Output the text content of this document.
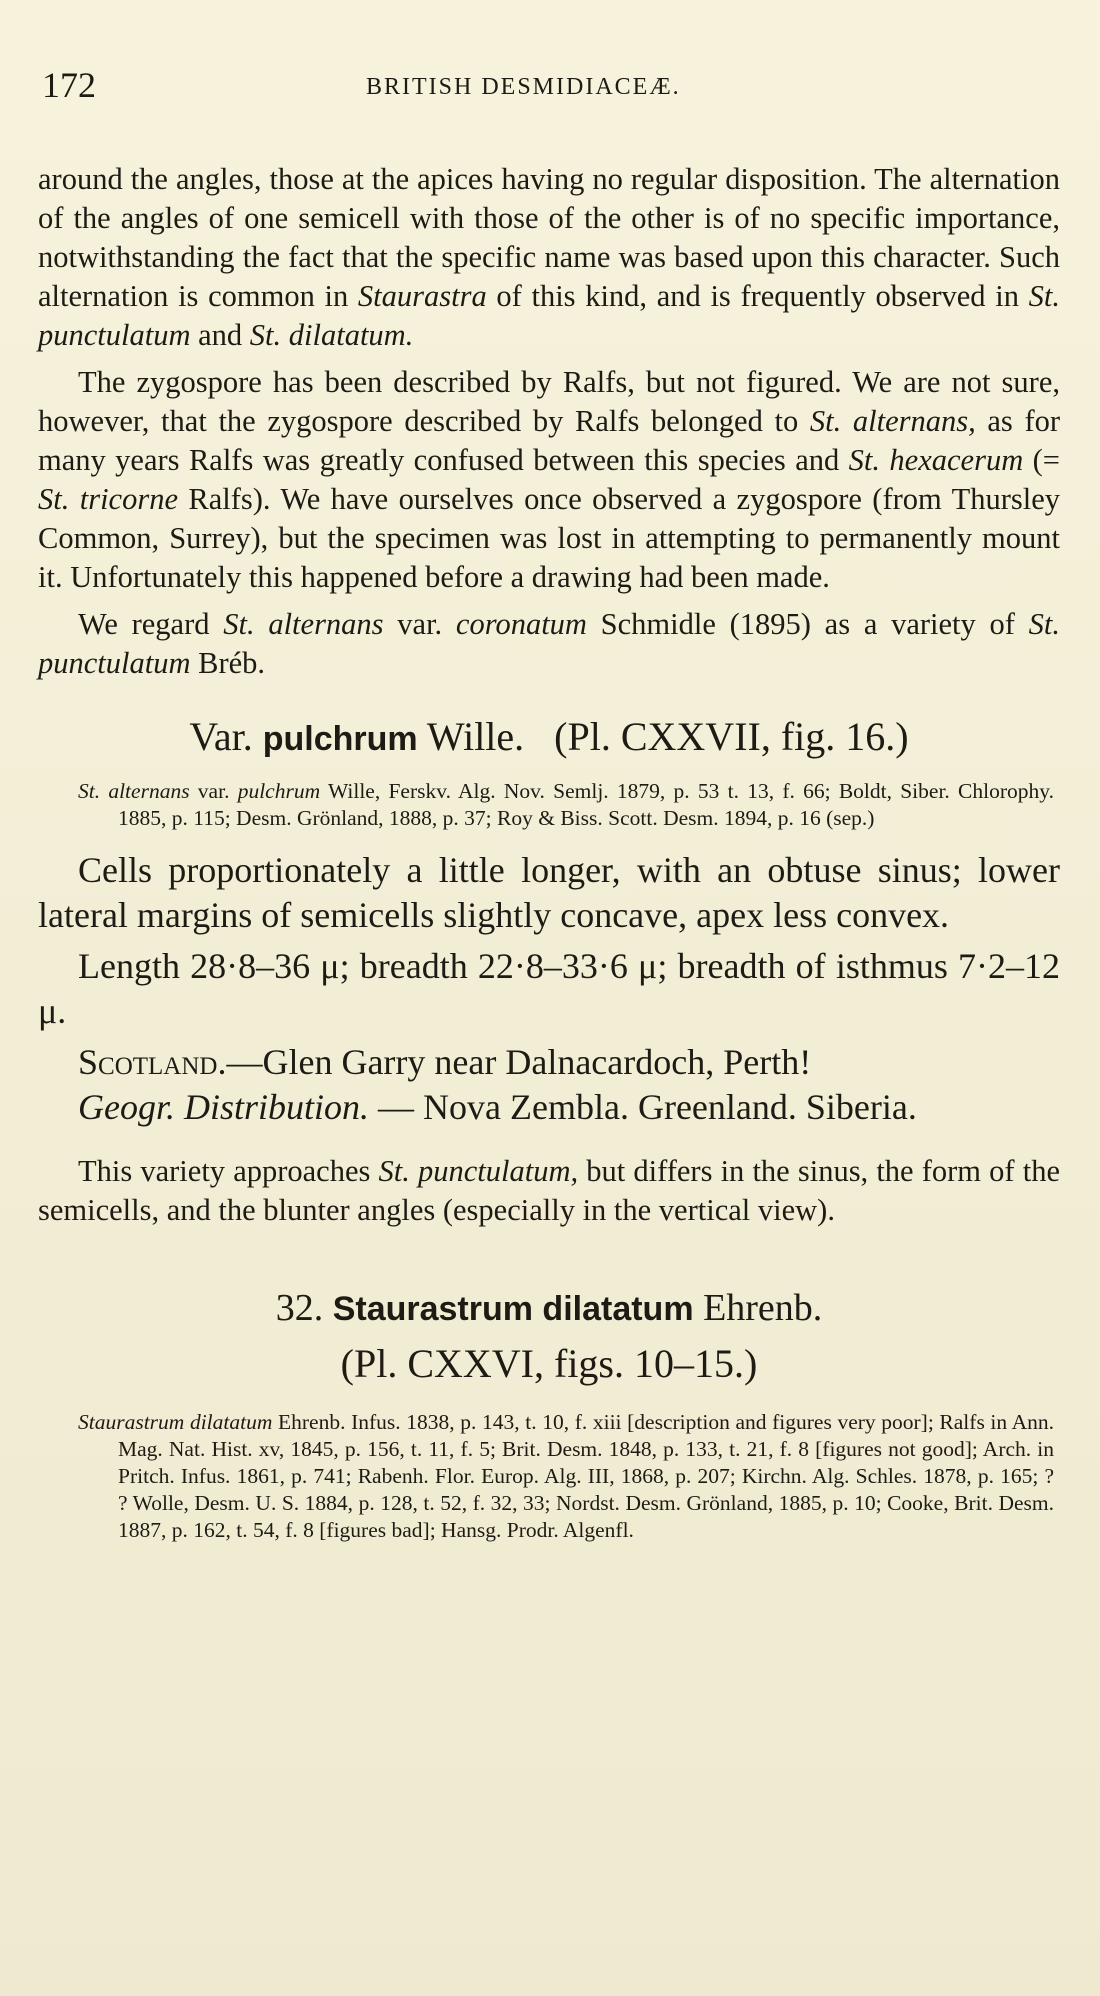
172	BRITISH DESMIDIACEÆ.

around the angles, those at the apices having no regular disposition. The alternation of the angles of one semicell with those of the other is of no specific importance, notwithstanding the fact that the specific name was based upon this character. Such alternation is common in Staurastra of this kind, and is frequently observed in St. punctulatum and St. dilatatum.

The zygospore has been described by Ralfs, but not figured. We are not sure, however, that the zygospore described by Ralfs belonged to St. alternans, as for many years Ralfs was greatly confused between this species and St. hexacerum (= St. tricorne Ralfs). We have ourselves once observed a zygospore (from Thursley Common, Surrey), but the specimen was lost in attempting to permanently mount it. Unfortunately this happened before a drawing had been made.

We regard St. alternans var. coronatum Schmidle (1895) as a variety of St. punctulatum Bréb.

Var. pulchrum Wille. (Pl. CXXVII, fig. 16.)

St. alternans var. pulchrum Wille, Ferskv. Alg. Nov. Semlj. 1879, p. 53 t. 13, f. 66; Boldt, Siber. Chlorophy. 1885, p. 115; Desm. Grönland, 1888, p. 37; Roy & Biss. Scott. Desm. 1894, p. 16 (sep.)

Cells proportionately a little longer, with an obtuse sinus; lower lateral margins of semicells slightly concave, apex less convex.

Length 28·8–36 μ; breadth 22·8–33·6 μ; breadth of isthmus 7·2–12 μ.

Scotland.—Glen Garry near Dalnacardoch, Perth!

Geogr. Distribution. — Nova Zembla. Greenland. Siberia.

This variety approaches St. punctulatum, but differs in the sinus, the form of the semicells, and the blunter angles (especially in the vertical view).

32. Staurastrum dilatatum Ehrenb.
(Pl. CXXVI, figs. 10–15.)

Staurastrum dilatatum Ehrenb. Infus. 1838, p. 143, t. 10, f. xiii [description and figures very poor]; Ralfs in Ann. Mag. Nat. Hist. xv, 1845, p. 156, t. 11, f. 5; Brit. Desm. 1848, p. 133, t. 21, f. 8 [figures not good]; Arch. in Pritch. Infus. 1861, p. 741; Rabenh. Flor. Europ. Alg. III, 1868, p. 207; Kirchn. Alg. Schles. 1878, p. 165; ? ? Wolle, Desm. U. S. 1884, p. 128, t. 52, f. 32, 33; Nordst. Desm. Grönland, 1885, p. 10; Cooke, Brit. Desm. 1887, p. 162, t. 54, f. 8 [figures bad]; Hansg. Prodr. Algenfl.
